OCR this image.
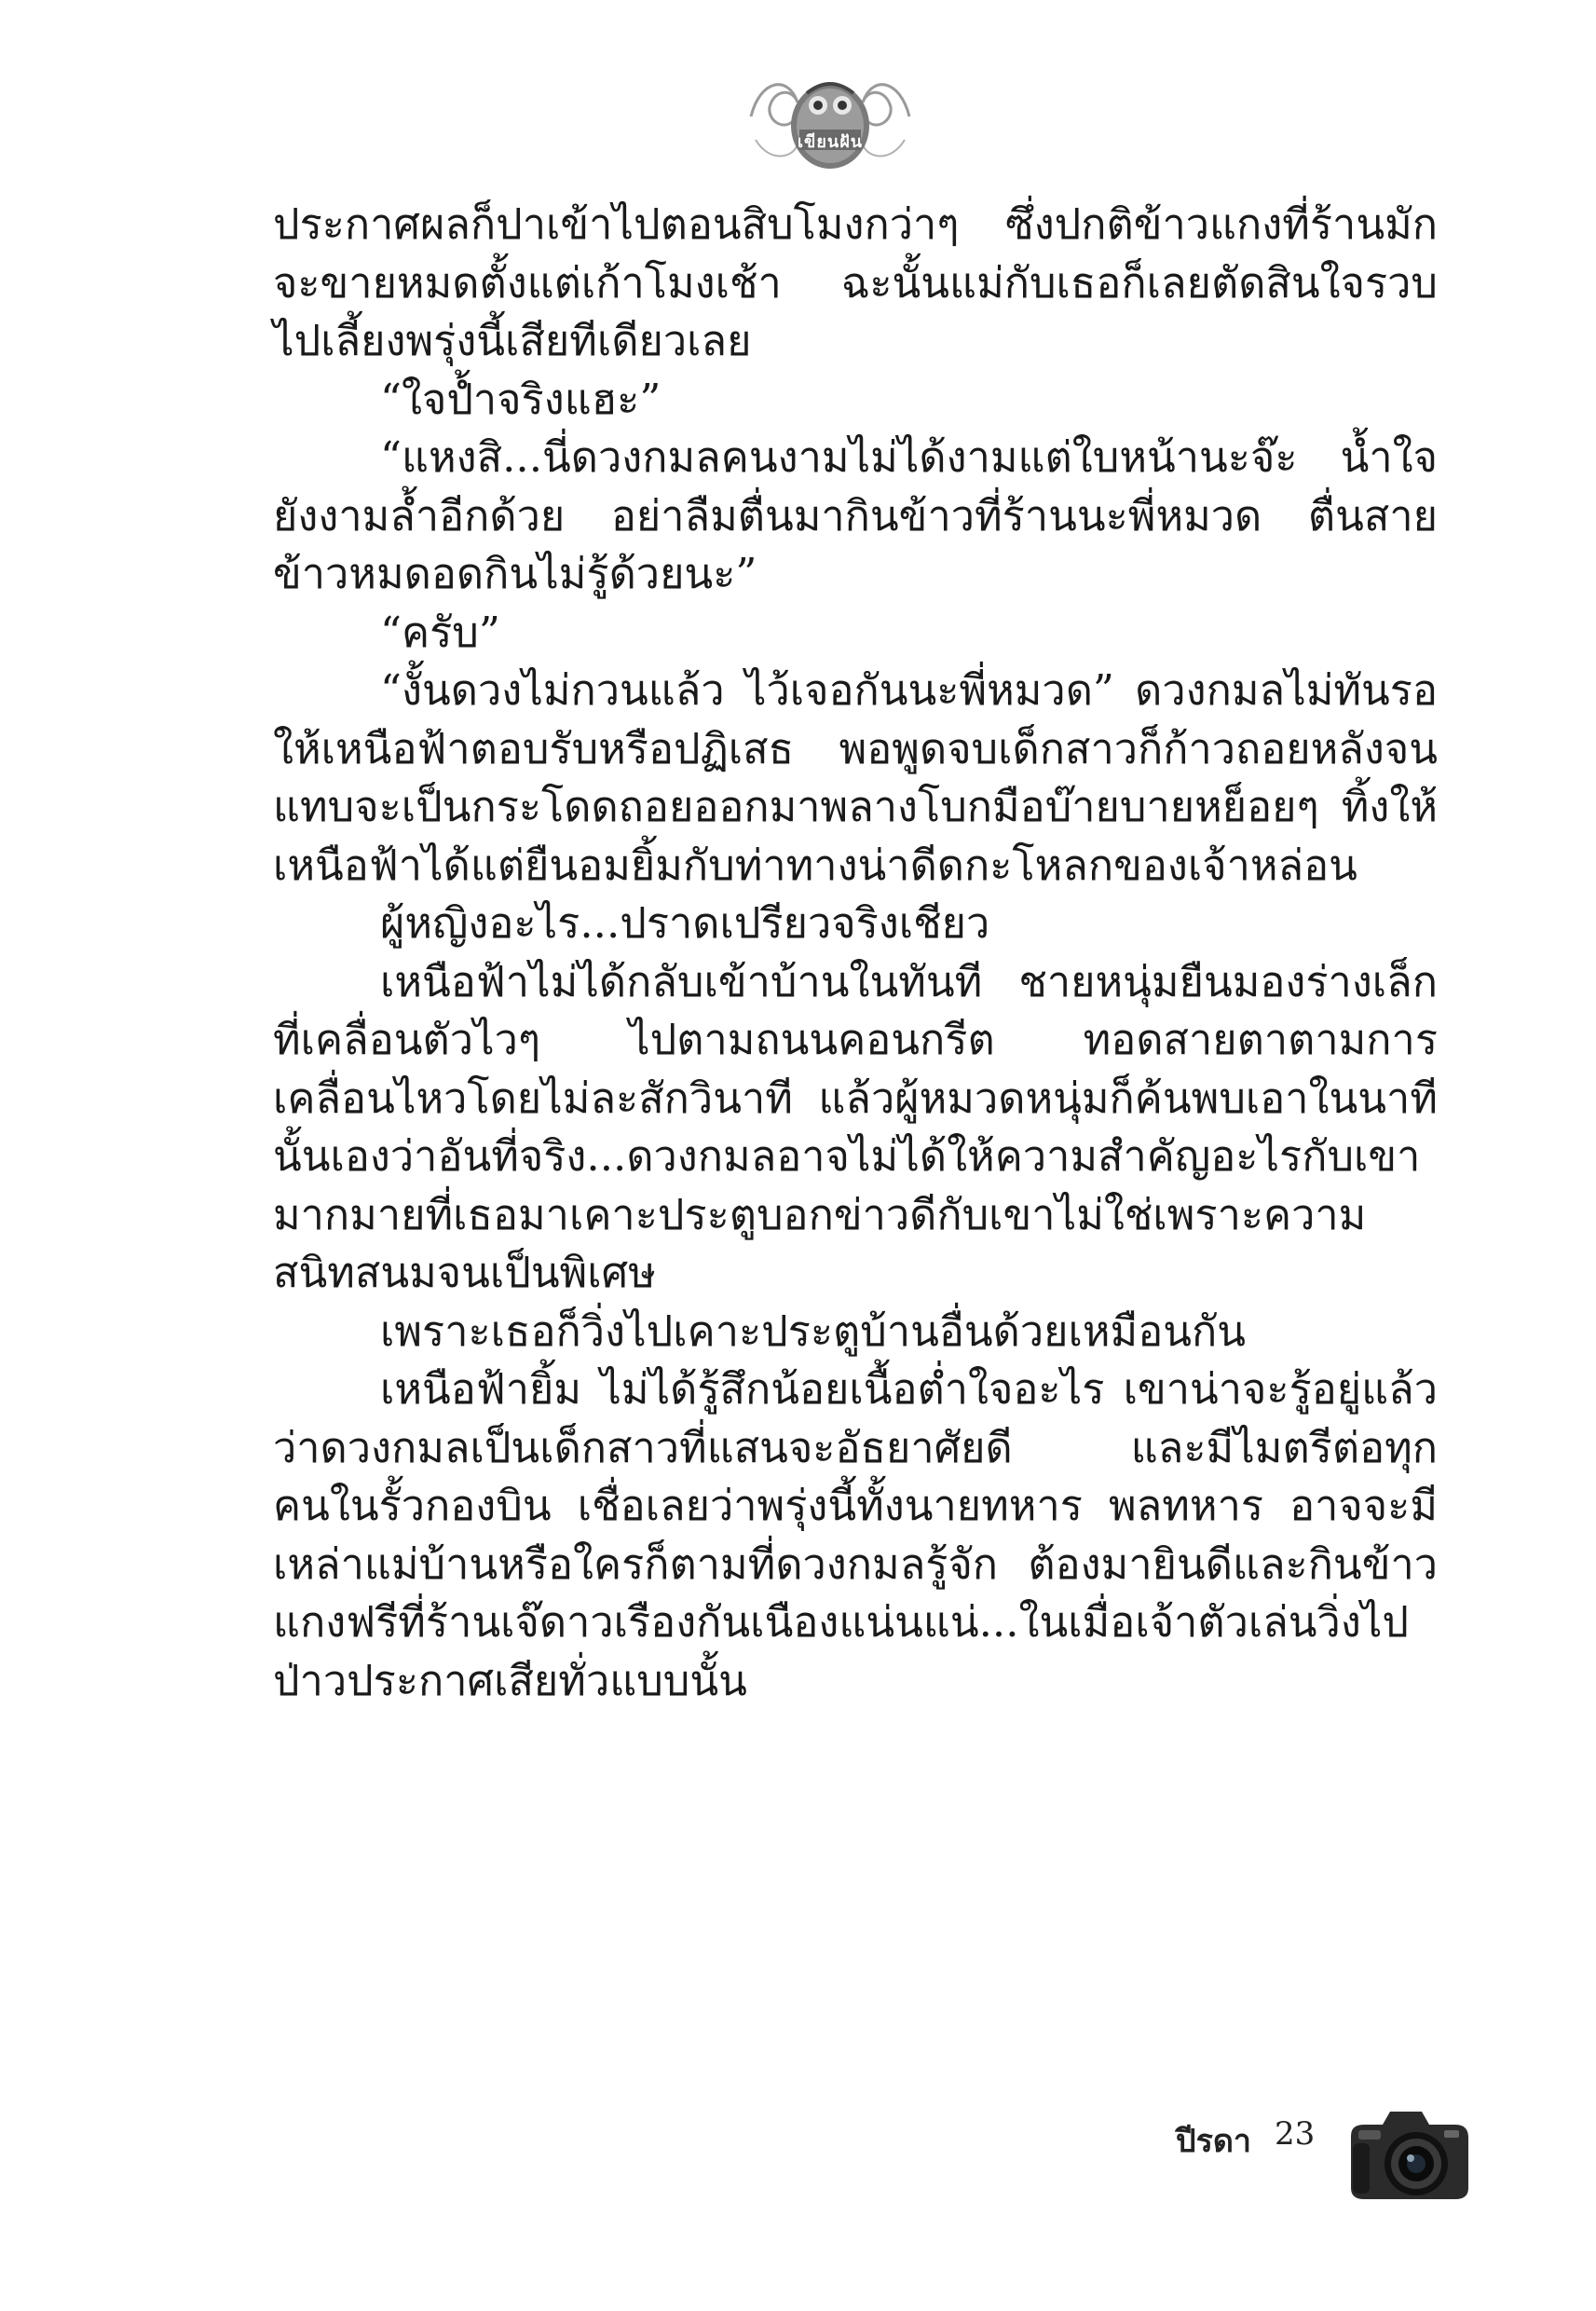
เขียนฝัน

ประกาศผลก็ปาเข้าไปตอนสิบโมงกว่าๆ ซึ่งปกติข้าวแกงที่ร้านมักจะขายหมดตั้งแต่เก้าโมงเช้า ฉะนั้นแม่กับเธอก็เลยตัดสินใจรวบไปเลี้ยงพรุ่งนี้เสียทีเดียวเลย

“ใจป้ำจริงแฮะ”

“แหงสิ...นี่ดวงกมลคนงามไม่ได้งามแต่ใบหน้านะจ๊ะ น้ำใจยังงามล้ำอีกด้วย อย่าลืมตื่นมากินข้าวที่ร้านนะพี่หมวด ตื่นสายข้าวหมดอดกินไม่รู้ด้วยนะ”

“ครับ”

“งั้นดวงไม่กวนแล้ว ไว้เจอกันนะพี่หมวด” ดวงกมลไม่ทันรอให้เหนือฟ้าตอบรับหรือปฏิเสธ พอพูดจบเด็กสาวก็ก้าวถอยหลังจนแทบจะเป็นกระโดดถอยออกมาพลางโบกมือบ๊ายบายหย็อยๆ ทิ้งให้เหนือฟ้าได้แต่ยืนอมยิ้มกับท่าทางน่าดีดกะโหลกของเจ้าหล่อน

ผู้หญิงอะไร...ปราดเปรียวจริงเชียว

เหนือฟ้าไม่ได้กลับเข้าบ้านในทันที ชายหนุ่มยืนมองร่างเล็กที่เคลื่อนตัวไวๆ ไปตามถนนคอนกรีต ทอดสายตาตามการเคลื่อนไหวโดยไม่ละสักวินาที แล้วผู้หมวดหนุ่มก็ค้นพบเอาในนาทีนั้นเองว่าอันที่จริง...ดวงกมลอาจไม่ได้ให้ความสำคัญอะไรกับเขามากมายที่เธอมาเคาะประตูบอกข่าวดีกับเขาไม่ใช่เพราะความสนิทสนมจนเป็นพิเศษ

เพราะเธอก็วิ่งไปเคาะประตูบ้านอื่นด้วยเหมือนกัน

เหนือฟ้ายิ้ม ไม่ได้รู้สึกน้อยเนื้อต่ำใจอะไร เขาน่าจะรู้อยู่แล้วว่าดวงกมลเป็นเด็กสาวที่แสนจะอัธยาศัยดี และมีไมตรีต่อทุกคนในรั้วกองบิน เชื่อเลยว่าพรุ่งนี้ทั้งนายทหาร พลทหาร อาจจะมีเหล่าแม่บ้านหรือใครก็ตามที่ดวงกมลรู้จัก ต้องมายินดีและกินข้าวแกงฟรีที่ร้านเจ๊ดาวเรืองกันเนืองแน่นแน่...ในเมื่อเจ้าตัวเล่นวิ่งไปป่าวประกาศเสียทั่วแบบนั้น

ปีรดา 23
